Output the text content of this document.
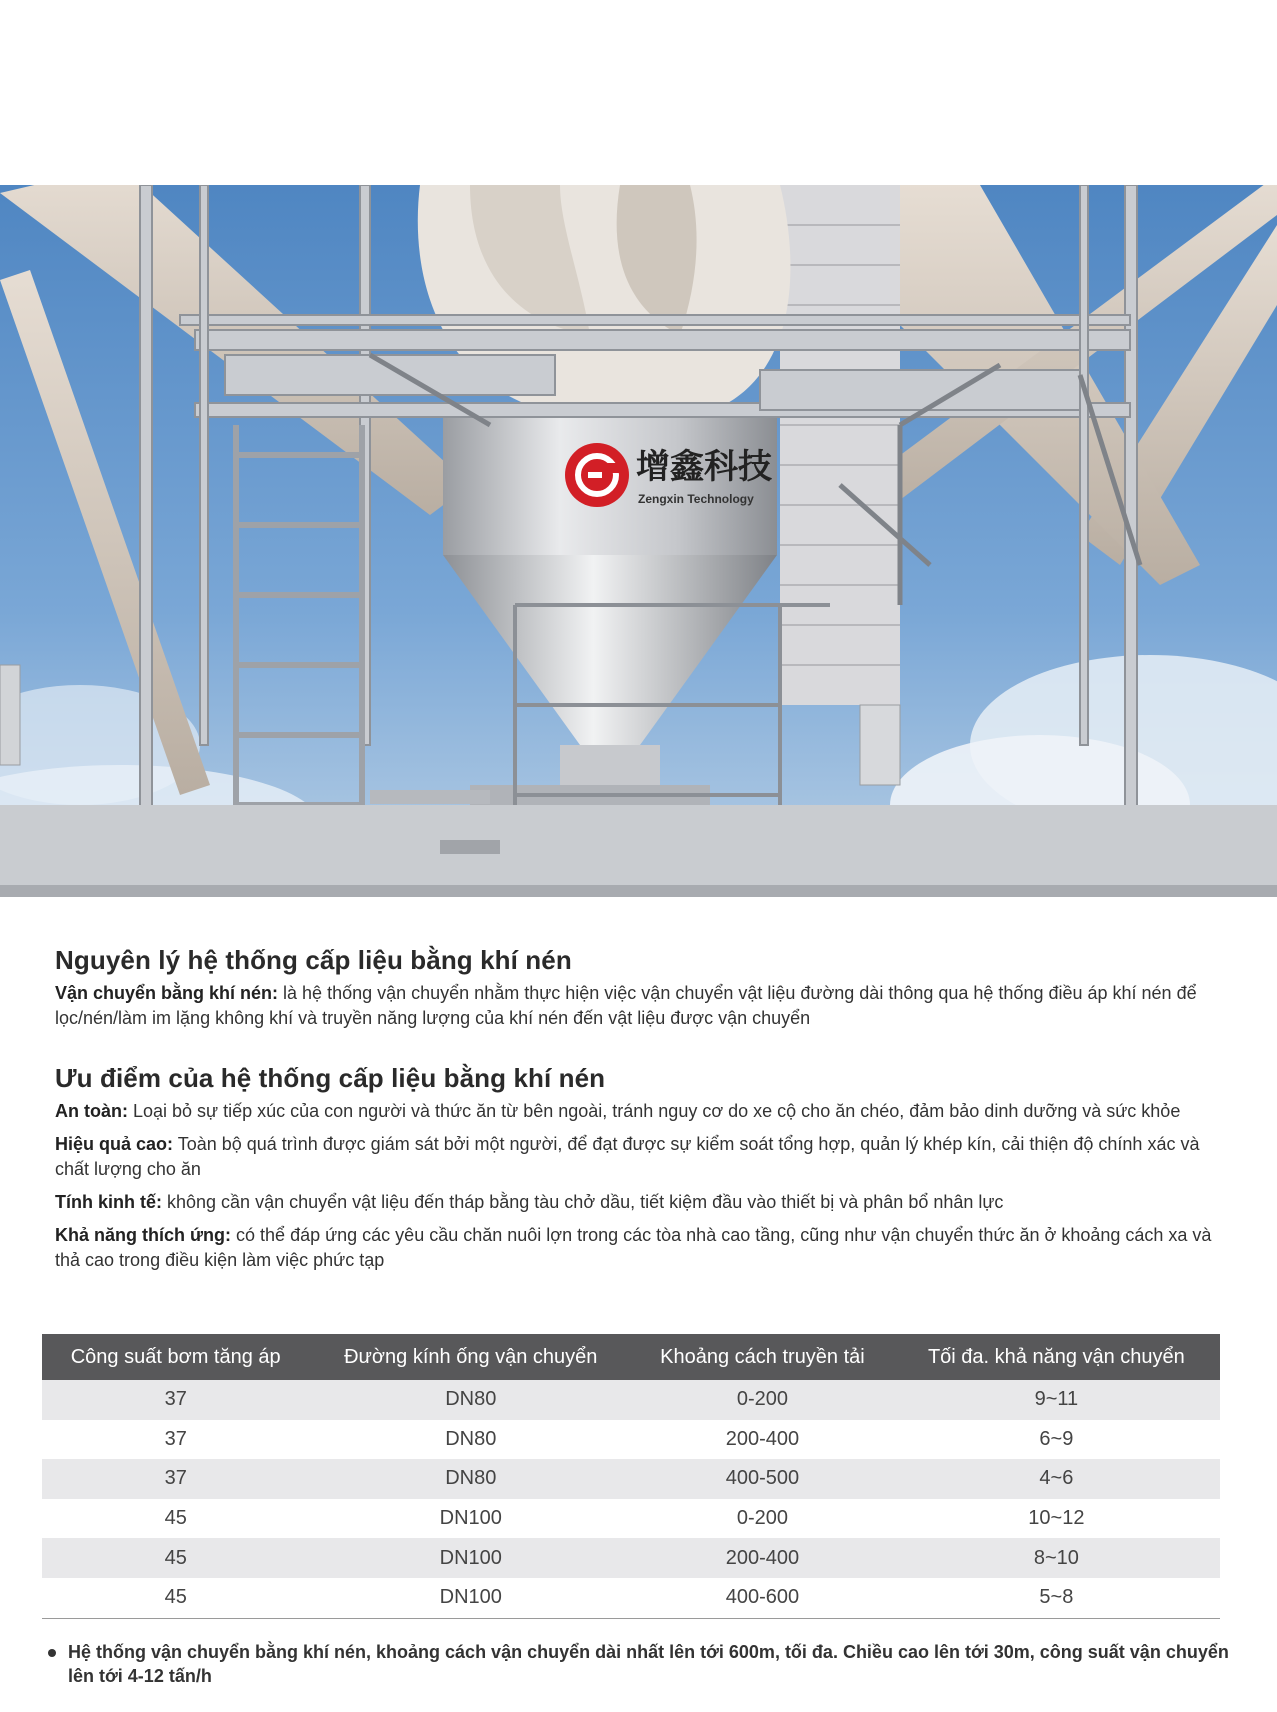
增鑫科技
Zengxin Technology
Nguyên lý hệ thống cấp liệu bằng khí nén

Vận chuyển bằng khí nén: là hệ thống vận chuyển nhằm thực hiện việc vận chuyển vật liệu đường dài thông qua hệ thống điều áp khí nén để lọc/nén/làm im lặng không khí và truyền năng lượng của khí nén đến vật liệu được vận chuyển

Ưu điểm của hệ thống cấp liệu bằng khí nén

An toàn: Loại bỏ sự tiếp xúc của con người và thức ăn từ bên ngoài, tránh nguy cơ do xe cộ cho ăn chéo, đảm bảo dinh dưỡng và sức khỏe

Hiệu quả cao: Toàn bộ quá trình được giám sát bởi một người, để đạt được sự kiểm soát tổng hợp, quản lý khép kín, cải thiện độ chính xác và chất lượng cho ăn

Tính kinh tế: không cần vận chuyển vật liệu đến tháp bằng tàu chở dầu, tiết kiệm đầu vào thiết bị và phân bổ nhân lực

Khả năng thích ứng: có thể đáp ứng các yêu cầu chăn nuôi lợn trong các tòa nhà cao tầng, cũng như vận chuyển thức ăn ở khoảng cách xa và thả cao trong điều kiện làm việc phức tạp

Công suất bơm tăng áp	Đường kính ống vận chuyển	Khoảng cách truyền tải	Tối đa. khả năng vận chuyển
37	DN80	0-200	9~11
37	DN80	200-400	6~9
37	DN80	400-500	4~6
45	DN100	0-200	10~12
45	DN100	200-400	8~10
45	DN100	400-600	5~8
Hệ thống vận chuyển bằng khí nén, khoảng cách vận chuyển dài nhất lên tới 600m, tối đa. Chiều cao lên tới 30m, công suất vận chuyển lên tới 4-12 tấn/h
